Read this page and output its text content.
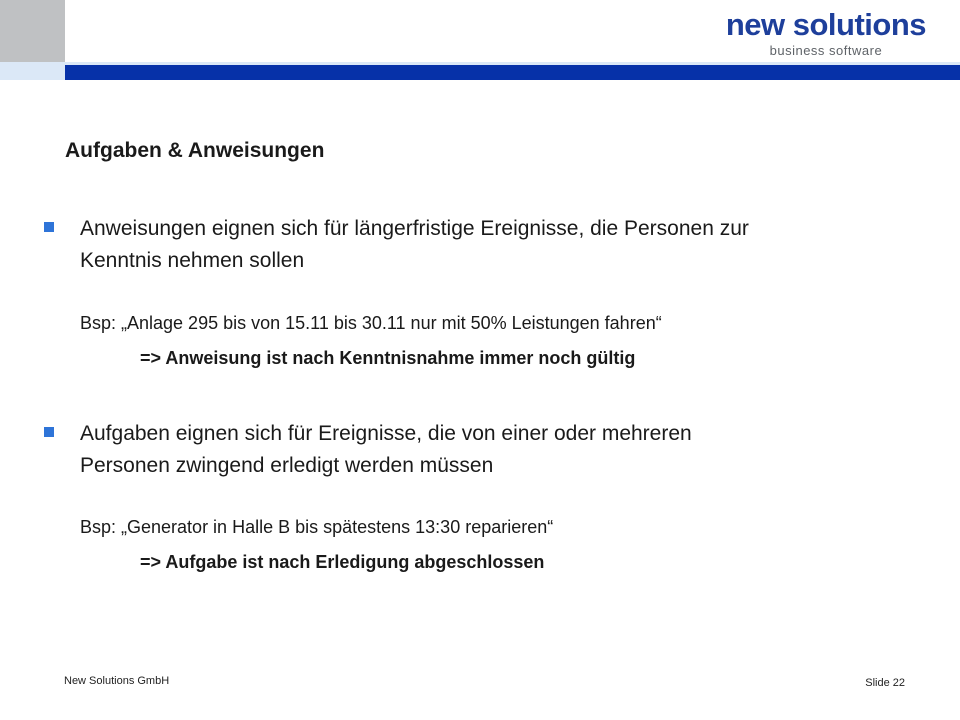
new solutions
business software
Aufgaben & Anweisungen
Anweisungen eignen sich für längerfristige Ereignisse, die Personen zur
Kenntnis nehmen sollen
Bsp: „Anlage 295 bis von 15.11 bis 30.11 nur mit 50% Leistungen fahren“
=> Anweisung ist nach Kenntnisnahme immer noch gültig
Aufgaben eignen sich für Ereignisse, die von einer oder mehreren
Personen zwingend erledigt werden müssen
Bsp: „Generator in Halle B bis spätestens 13:30 reparieren“
=> Aufgabe ist nach Erledigung abgeschlossen
New Solutions GmbH	Slide 22
